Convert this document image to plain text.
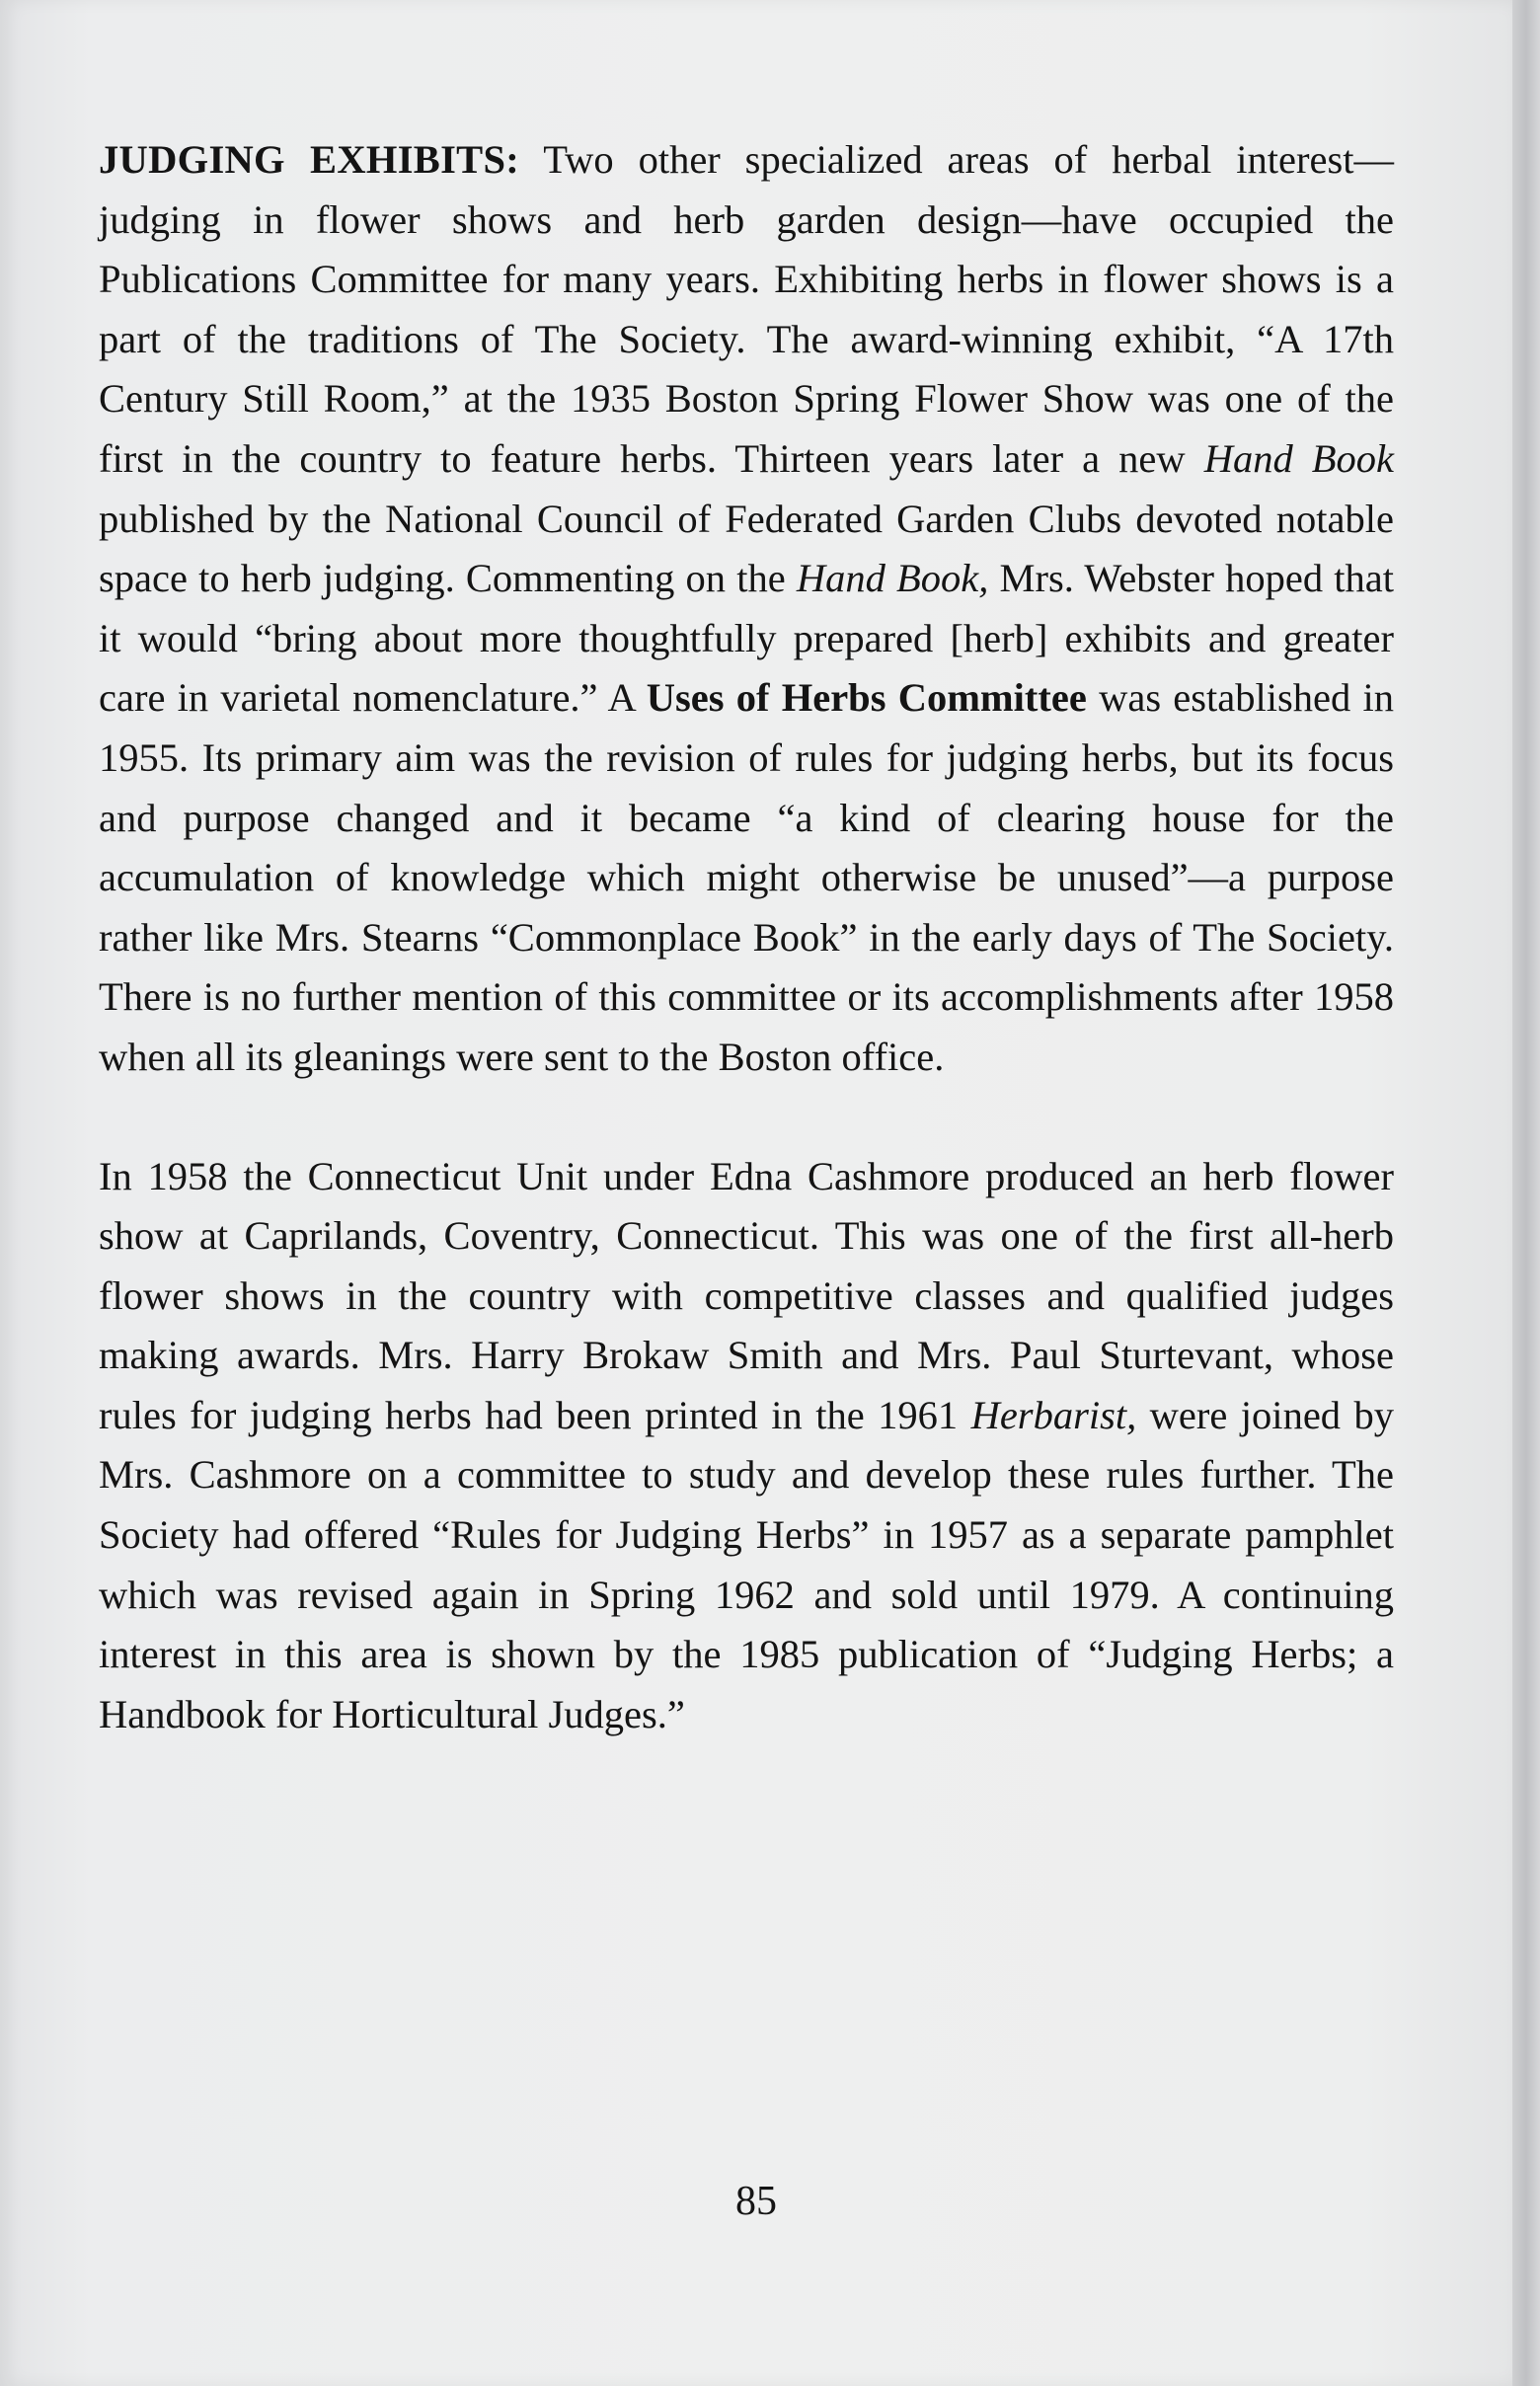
JUDGING EXHIBITS: Two other specialized areas of herbal interest—judging in flower shows and herb garden design—have occupied the Publications Committee for many years. Exhibiting herbs in flower shows is a part of the traditions of The Society. The award-winning exhibit, “A 17th Century Still Room,” at the 1935 Boston Spring Flower Show was one of the first in the country to feature herbs. Thirteen years later a new Hand Book published by the National Council of Federated Garden Clubs devoted notable space to herb judging. Commenting on the Hand Book, Mrs. Webster hoped that it would “bring about more thoughtfully prepared [herb] exhibits and greater care in varietal nomenclature.” A Uses of Herbs Committee was established in 1955. Its primary aim was the revision of rules for judging herbs, but its focus and purpose changed and it became “a kind of clearing house for the accumulation of knowledge which might otherwise be unused”—a purpose rather like Mrs. Stearns “Commonplace Book” in the early days of The Society. There is no further mention of this committee or its accomplishments after 1958 when all its gleanings were sent to the Boston office.

In 1958 the Connecticut Unit under Edna Cashmore produced an herb flower show at Caprilands, Coventry, Connecticut. This was one of the first all-herb flower shows in the country with competitive classes and qualified judges making awards. Mrs. Harry Brokaw Smith and Mrs. Paul Sturtevant, whose rules for judging herbs had been printed in the 1961 Herbarist, were joined by Mrs. Cashmore on a committee to study and develop these rules further. The Society had offered “Rules for Judging Herbs” in 1957 as a separate pamphlet which was revised again in Spring 1962 and sold until 1979. A continuing interest in this area is shown by the 1985 publication of “Judging Herbs; a Handbook for Horticultural Judges.”

85
